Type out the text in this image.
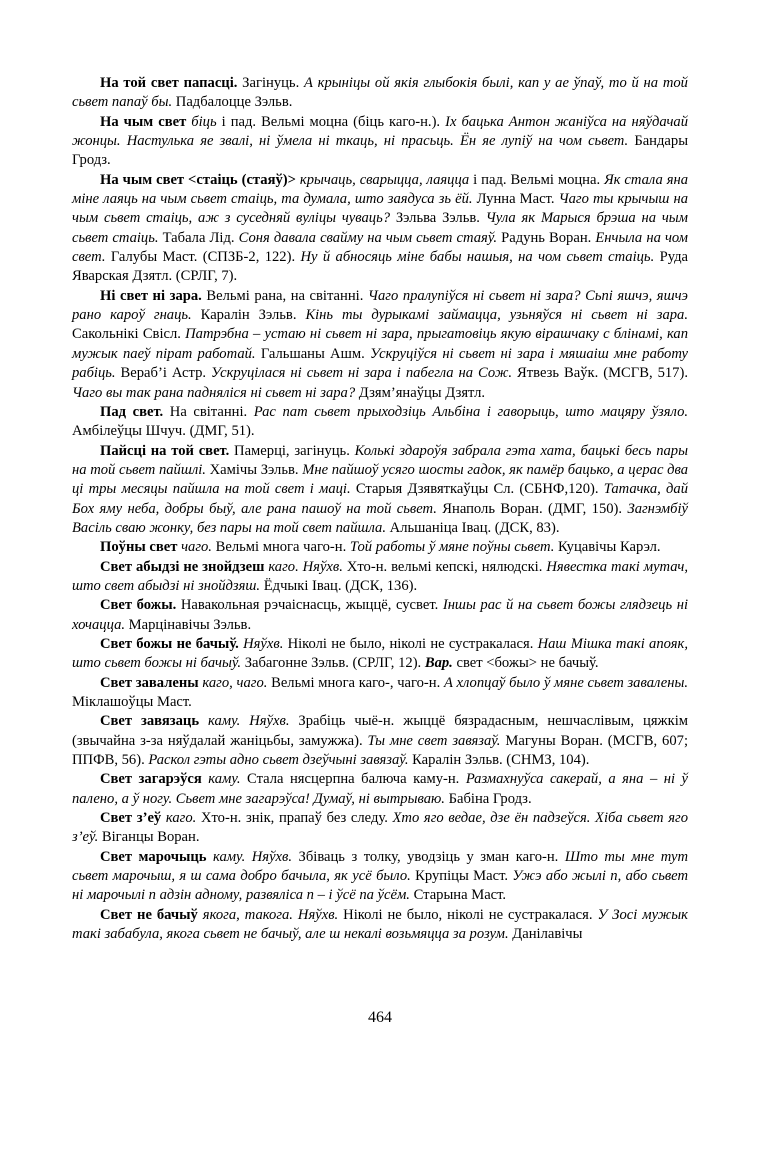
На той свет папасці. Загінуць. А крыніцы ой якія глыбокія былі, кап у ае ўпаў, то й на той сьвет папаў бы. Падбалоцце Зэльв.

На чым свет біць і пад. Вельмі моцна (біць каго-н.). Іх бацька Антон жаніўса на няўдачай жонцы. Настулька яе звалі, ні ўмела ні ткаць, ні прасьць. Ён яе лупіў на чом сьвет. Бандары Гродз.

На чым свет <стаіць (стаяў)> крычаць, сварыцца, лаяцца і пад. Вельмі моцна. Як стала яна міне лаяць на чым сьвет стаіць, та думала, што заядуса зь ёй. Лунна Маст. Чаго ты крычыш на чым сьвет стаіць, аж з суседняй вуліцы чуваць? Зэльва Зэльв. Чула як Марыся брэша на чым сьвет стаіць. Табала Лід. Соня давала свайму на чым сьвет стаяў. Радунь Воран. Енчыла на чом свет. Галубы Маст. (СПЗБ-2, 122). Ну й абносяць міне бабы нашыя, на чом сьвет стаіць. Руда Яварская Дзятл. (СРЛГ, 7).

Ні свет ні зара. Вельмі рана, на світанні. Чаго пралупіўся ні сьвет ні зара? Сьпі яшчэ, яшчэ рано кароў гнаць. Каралін Зэльв. Кінь ты дурыкамі займацца, узьняўся ні сьвет ні зара. Сакольнікі Свісл. Патрэбна – устаю ні сьвет ні зара, прыгатовіць якую вірашчаку с блінамі, кап мужык паеў пірат работай. Гальшаны Ашм. Ускруціўся ні сьвет ні зара і мяшаіш мне работу рабіць. Вераб’і Астр. Ускруцілася ні сьвет ні зара і пабегла на Сож. Ятвезь Ваўк. (МСГВ, 517). Чаго вы так рана падняліся ні сьвет ні зара? Дзям’янаўцы Дзятл.

Пад свет. На світанні. Рас пат сьвет прыходзіць Альбіна і гаворыць, што мацяру ўзяло. Амбілеўцы Шчуч. (ДМГ, 51).

Пайсці на той свет. Памерці, загінуць. Колькі здароўя забрала гэта хата, бацькі бесь пары на той сьвет пайшлі. Хамічы Зэльв. Мне пайшоў усяго шосты гадок, як памёр бацько, а церас два ці тры месяцы пайшла на той свет і маці. Старыя Дзявяткаўцы Сл. (СБНФ,120). Татачка, дай Бох яму неба, добры быў, але рана пашоў на той сьвет. Янаполь Воран. (ДМГ, 150). Загнэмбіў Васіль сваю жонку, без пары на той свет пайшла. Альшаніца Івац. (ДСК, 83).

Поўны свет чаго. Вельмі многа чаго-н. Той работы ў мяне поўны сьвет. Куцавічы Карэл.

Свет абыдзі не знойдзеш каго. Няўхв. Хто-н. вельмі кепскі, нялюдскі. Нявестка такі мутач, што свет абыдзі ні знойдзяш. Ёдчыкі Івац. (ДСК, 136).

Свет божы. Навакольная рэчаіснасць, жыццё, сусвет. Іншы рас й на сьвет божы глядзець ні хочацца. Марцінавічы Зэльв.

Свет божы не бачыў. Няўхв. Ніколі не было, ніколі не сустракалася. Наш Мішка такі апояк, што сьвет божы ні бачыў. Забагонне Зэльв. (СРЛГ, 12). Вар. свет <божы> не бачыў.

Свет завалены каго, чаго. Вельмі многа каго-, чаго-н. А хлопцаў было ў мяне сьвет завалены. Міклашоўцы Маст.

Свет завязаць каму. Няўхв. Зрабіць чыё-н. жыццё бязрадасным, нешчаслівым, цяжкім (звычайна з-за няўдалай жаніцьбы, замужжа). Ты мне свет завязаў. Магуны Воран. (МСГВ, 607; ППФВ, 56). Раскол гэты адно сьвет дзеўчыні завязаў. Каралін Зэльв. (СНМЗ, 104).

Свет загарэўся каму. Стала нясцерпна балюча каму-н. Размахнуўса сакерай, а яна – ні ў палено, а ў ногу. Сьвет мне загарэўса! Думаў, ні вытрываю. Бабіна Гродз.

Свет з’еў каго. Хто-н. знік, прапаў без следу. Хто яго ведае, дзе ён падзеўся. Хіба сьвет яго з’еў. Віганцы Воран.

Свет марочыць каму. Няўхв. Збіваць з толку, уводзіць у зман каго-н. Што ты мне тут сьвет марочыш, я ш сама добро бачыла, як усё было. Крупіцы Маст. Ужэ або жылі п, або сьвет ні марочылі п адзін адному, развяліса п – і ўсё па ўсём. Старына Маст.

Свет не бачыў якога, такога. Няўхв. Ніколі не было, ніколі не сустракалася. У Зосі мужык такі забабула, якога сьвет не бачыў, але ш некалі возьмяцца за розум. Данілавічы

464
